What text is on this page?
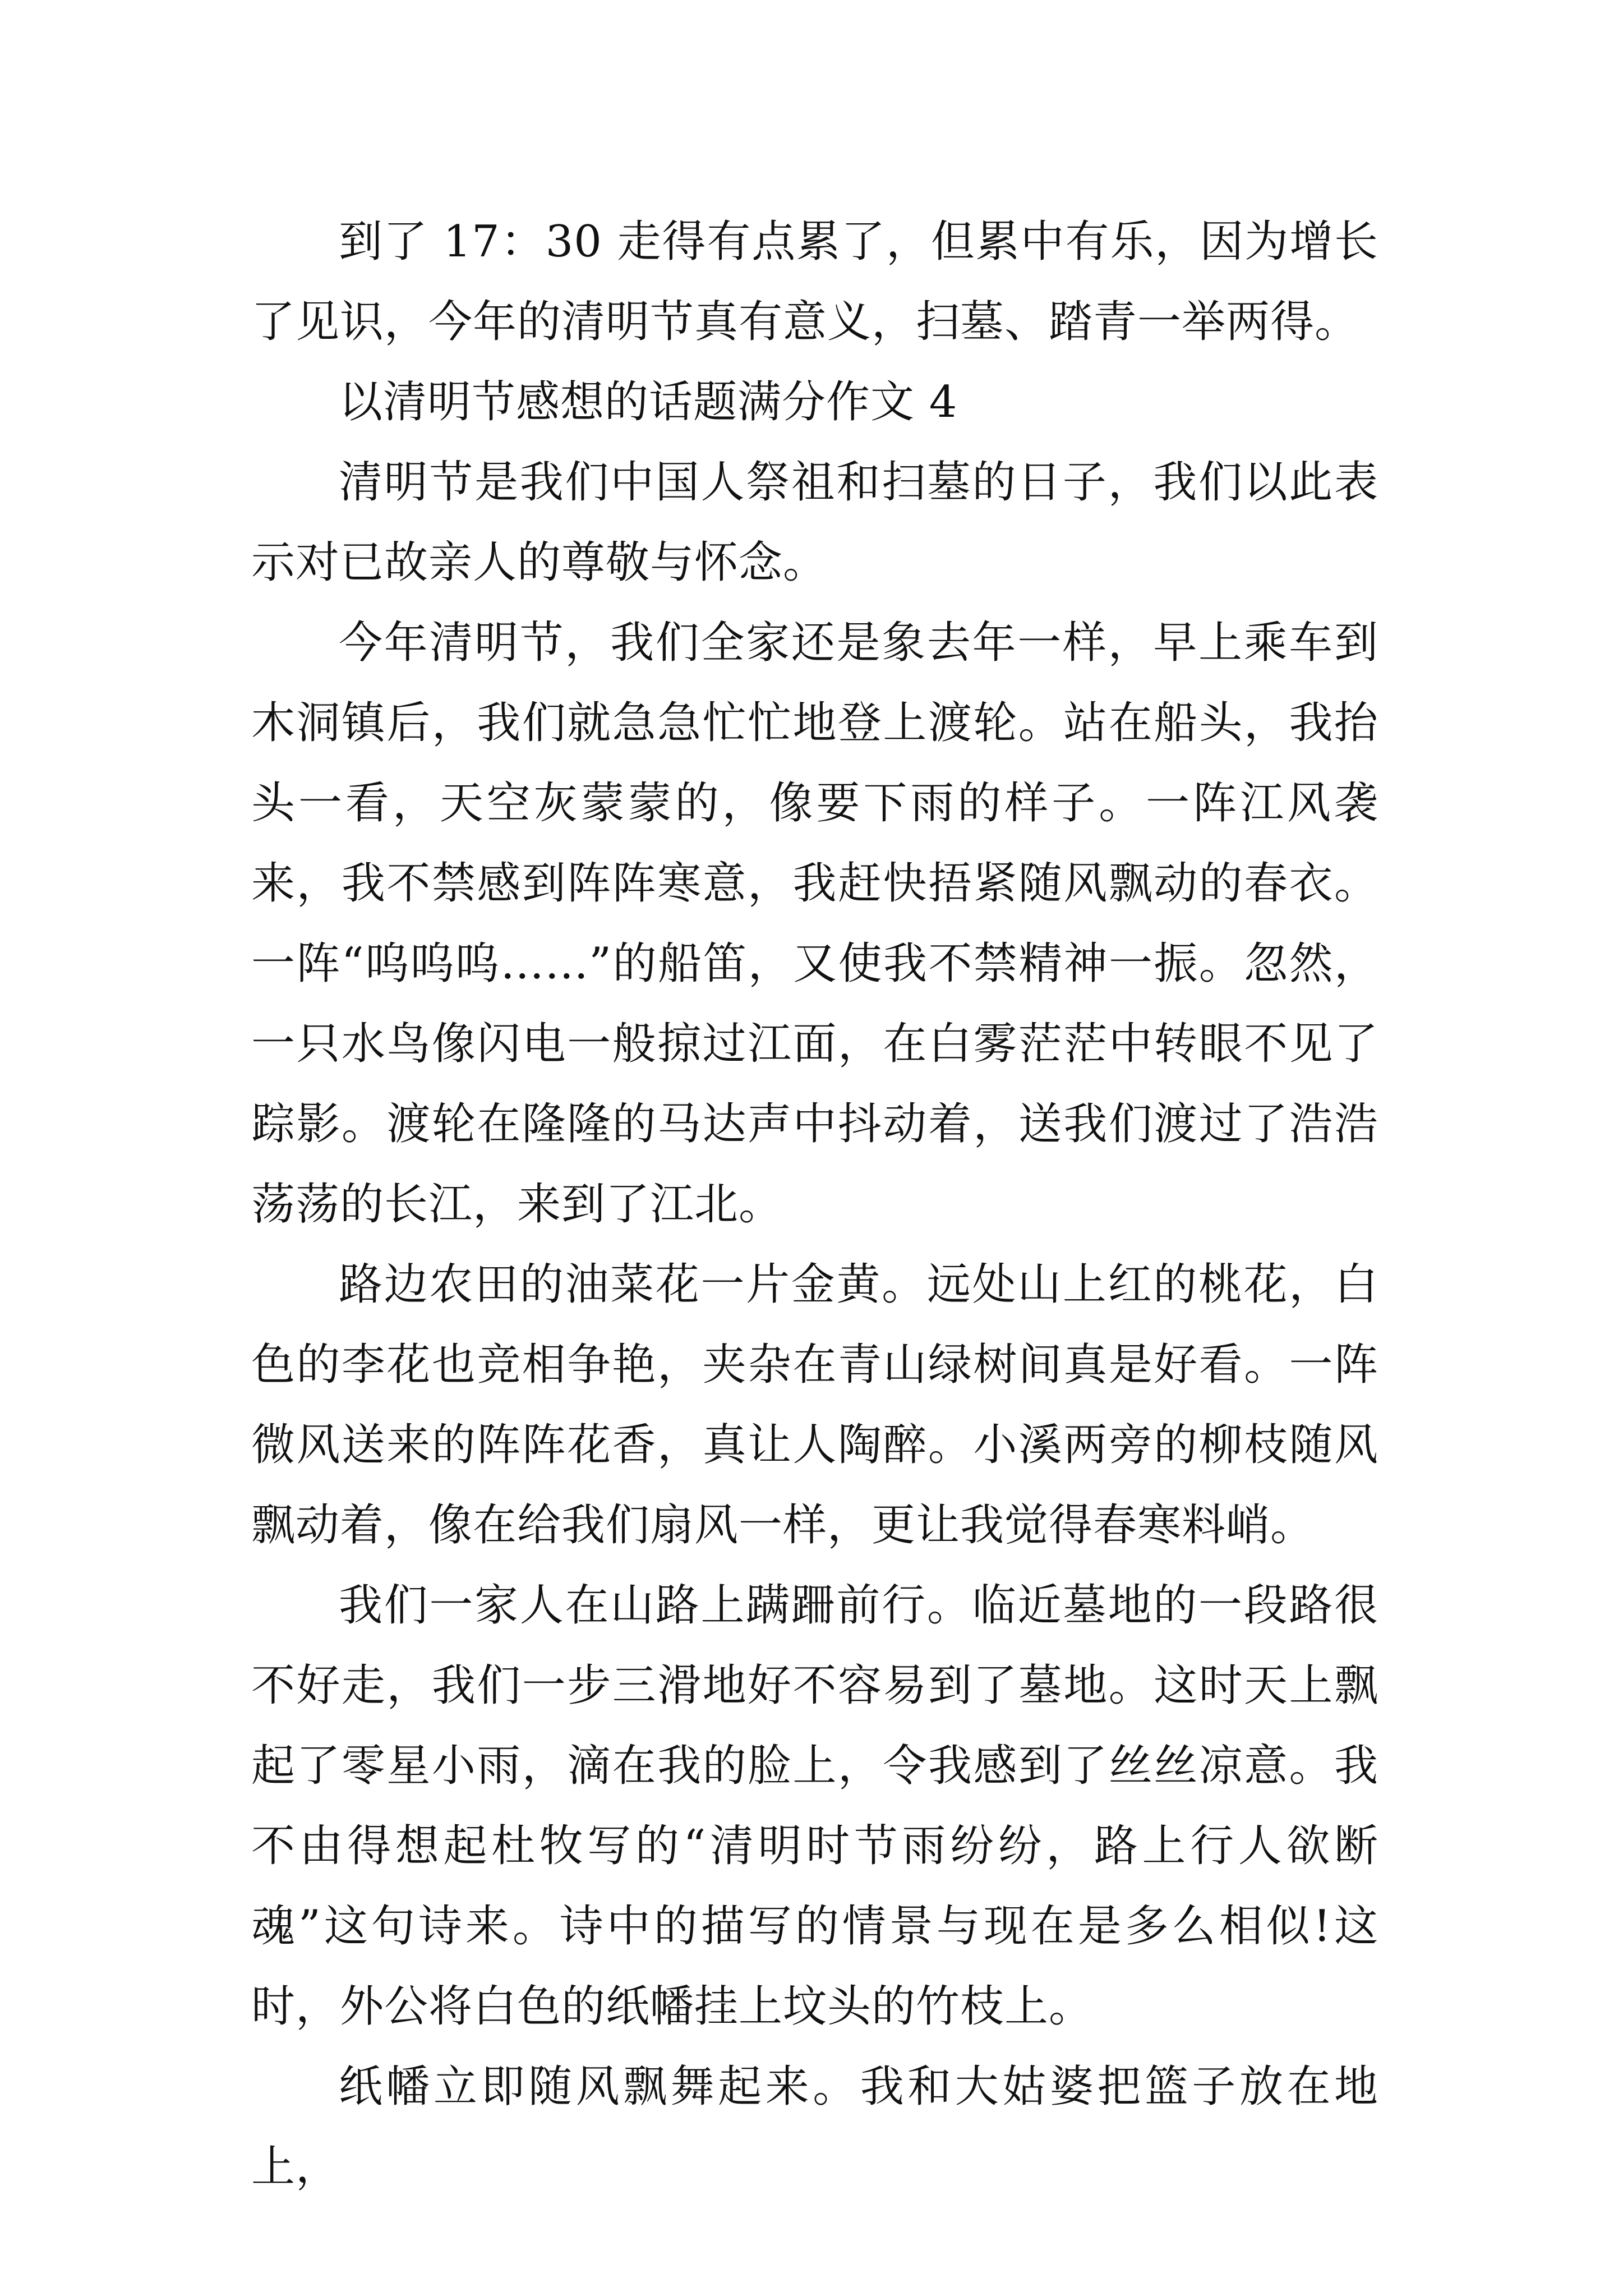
到了 17：30 走得有点累了，但累中有乐，因为增长了见识，今年的清明节真有意义，扫墓、踏青一举两得。

以清明节感想的话题满分作文 4

清明节是我们中国人祭祖和扫墓的日子，我们以此表示对已故亲人的尊敬与怀念。

今年清明节，我们全家还是象去年一样，早上乘车到木洞镇后，我们就急急忙忙地登上渡轮。站在船头，我抬头一看，天空灰蒙蒙的，像要下雨的样子。一阵江风袭来，我不禁感到阵阵寒意，我赶快捂紧随风飘动的春衣。一阵“呜呜呜……”的船笛，又使我不禁精神一振。忽然，一只水鸟像闪电一般掠过江面，在白雾茫茫中转眼不见了踪影。渡轮在隆隆的马达声中抖动着，送我们渡过了浩浩荡荡的长江，来到了江北。

路边农田的油菜花一片金黄。远处山上红的桃花，白色的李花也竞相争艳，夹杂在青山绿树间真是好看。一阵微风送来的阵阵花香，真让人陶醉。小溪两旁的柳枝随风飘动着，像在给我们扇风一样，更让我觉得春寒料峭。

我们一家人在山路上蹒跚前行。临近墓地的一段路很不好走，我们一步三滑地好不容易到了墓地。这时天上飘起了零星小雨，滴在我的脸上，令我感到了丝丝凉意。我不由得想起杜牧写的“清明时节雨纷纷，路上行人欲断魂”这句诗来。诗中的描写的情景与现在是多么相似!这时，外公将白色的纸幡挂上坟头的竹枝上。

纸幡立即随风飘舞起来。我和大姑婆把篮子放在地上，
